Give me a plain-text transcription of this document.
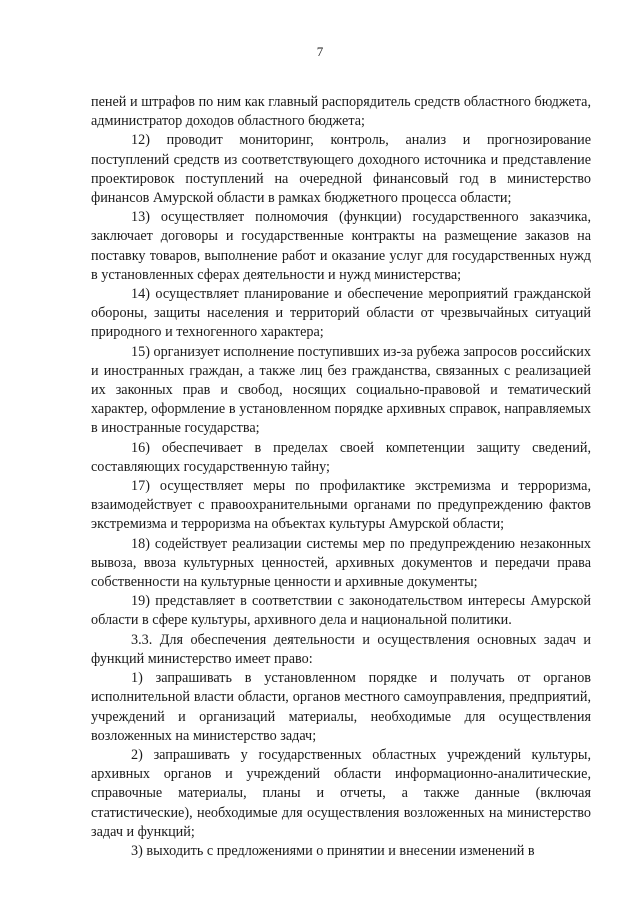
7

пеней и штрафов по ним как главный распорядитель средств областного бюджета, администратор доходов областного бюджета;

12) проводит мониторинг, контроль, анализ и прогнозирование поступлений средств из соответствующего доходного источника и представление проектировок поступлений на очередной финансовый год в министерство финансов Амурской области в рамках бюджетного процесса области;

13) осуществляет полномочия (функции) государственного заказчика, заключает договоры и государственные контракты на размещение заказов на поставку товаров, выполнение работ и оказание услуг для государственных нужд в установленных сферах деятельности и нужд министерства;

14) осуществляет планирование и обеспечение мероприятий гражданской обороны, защиты населения и территорий области от чрезвычайных ситуаций природного и техногенного характера;

15) организует исполнение поступивших из-за рубежа запросов российских и иностранных граждан, а также лиц без гражданства, связанных с реализацией их законных прав и свобод, носящих социально-правовой и тематический характер, оформление в установленном порядке архивных справок, направляемых в иностранные государства;

16) обеспечивает в пределах своей компетенции защиту сведений, составляющих государственную тайну;

17) осуществляет меры по профилактике экстремизма и терроризма, взаимодействует с правоохранительными органами по предупреждению фактов экстремизма и терроризма на объектах культуры Амурской области;

18) содействует реализации системы мер по предупреждению незаконных вывоза, ввоза культурных ценностей, архивных документов и передачи права собственности на культурные ценности и архивные документы;

19) представляет в соответствии с законодательством интересы Амурской области в сфере культуры, архивного дела и национальной политики.

3.3. Для обеспечения деятельности и осуществления основных задач и функций министерство имеет право:

1) запрашивать в установленном порядке и получать от органов исполнительной власти области, органов местного самоуправления, предприятий, учреждений и организаций материалы, необходимые для осуществления возложенных на министерство задач;

2) запрашивать у государственных областных учреждений культуры, архивных органов и учреждений области информационно-аналитические, справочные материалы, планы и отчеты, а также данные (включая статистические), необходимые для осуществления возложенных на министерство задач и функций;

3) выходить с предложениями о принятии и внесении изменений в
